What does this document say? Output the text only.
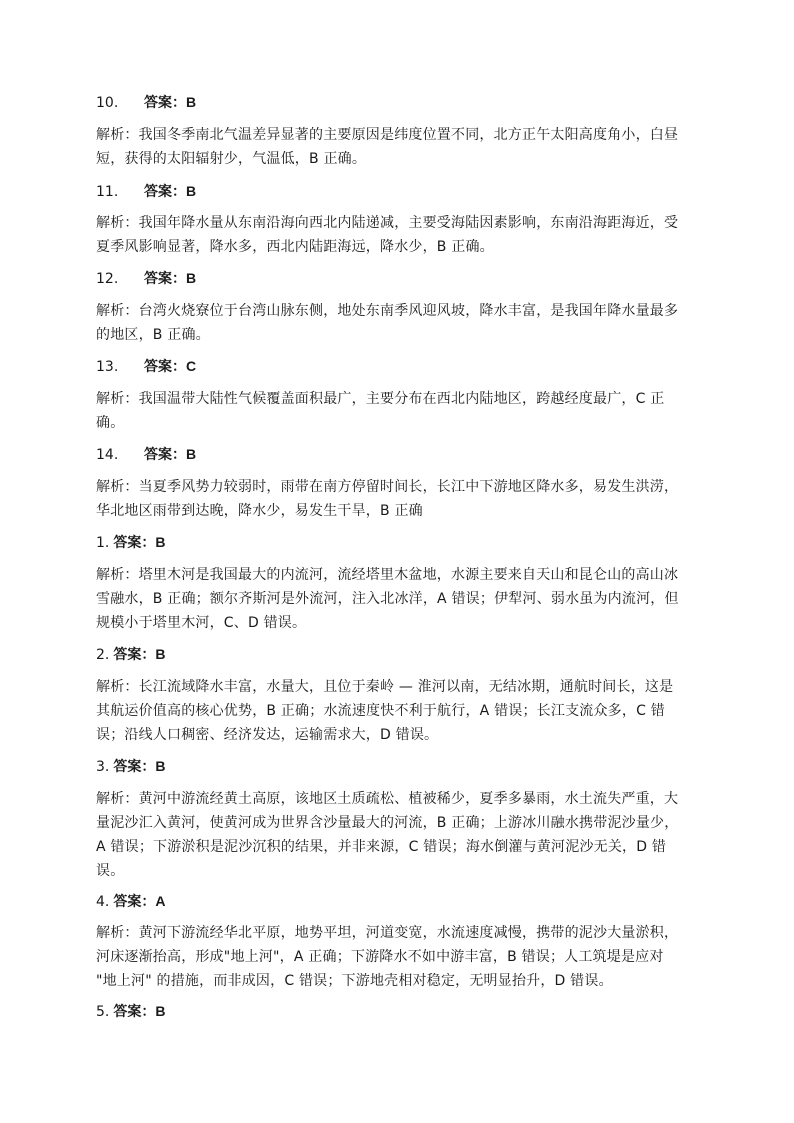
10. 答案：B
解析：我国冬季南北气温差异显著的主要原因是纬度位置不同，北方正午太阳高度角小，白昼
短，获得的太阳辐射少，气温低，B 正确。
11. 答案：B
解析：我国年降水量从东南沿海向西北内陆递减，主要受海陆因素影响，东南沿海距海近，受
夏季风影响显著，降水多，西北内陆距海远，降水少，B 正确。
12. 答案：B
解析：台湾火烧寮位于台湾山脉东侧，地处东南季风迎风坡，降水丰富，是我国年降水量最多
的地区，B 正确。
13. 答案：C
解析：我国温带大陆性气候覆盖面积最广，主要分布在西北内陆地区，跨越经度最广，C 正
确。
14. 答案：B
解析：当夏季风势力较弱时，雨带在南方停留时间长，长江中下游地区降水多，易发生洪涝，
华北地区雨带到达晚，降水少，易发生干旱，B 正确
1. 答案：B
解析：塔里木河是我国最大的内流河，流经塔里木盆地，水源主要来自天山和昆仑山的高山冰
雪融水，B 正确；额尔齐斯河是外流河，注入北冰洋，A 错误；伊犁河、弱水虽为内流河，但
规模小于塔里木河，C、D 错误。
2. 答案：B
解析：长江流域降水丰富，水量大，且位于秦岭 — 淮河以南，无结冰期，通航时间长，这是
其航运价值高的核心优势，B 正确；水流速度快不利于航行，A 错误；长江支流众多，C 错
误；沿线人口稠密、经济发达，运输需求大，D 错误。
3. 答案：B
解析：黄河中游流经黄土高原，该地区土质疏松、植被稀少，夏季多暴雨，水土流失严重，大
量泥沙汇入黄河，使黄河成为世界含沙量最大的河流，B 正确；上游冰川融水携带泥沙量少，
A 错误；下游淤积是泥沙沉积的结果，并非来源，C 错误；海水倒灌与黄河泥沙无关，D 错
误。
4. 答案：A
解析：黄河下游流经华北平原，地势平坦，河道变宽，水流速度减慢，携带的泥沙大量淤积，
河床逐渐抬高，形成"地上河"，A 正确；下游降水不如中游丰富，B 错误；人工筑堤是应对
"地上河" 的措施，而非成因，C 错误；下游地壳相对稳定，无明显抬升，D 错误。
5. 答案：B
